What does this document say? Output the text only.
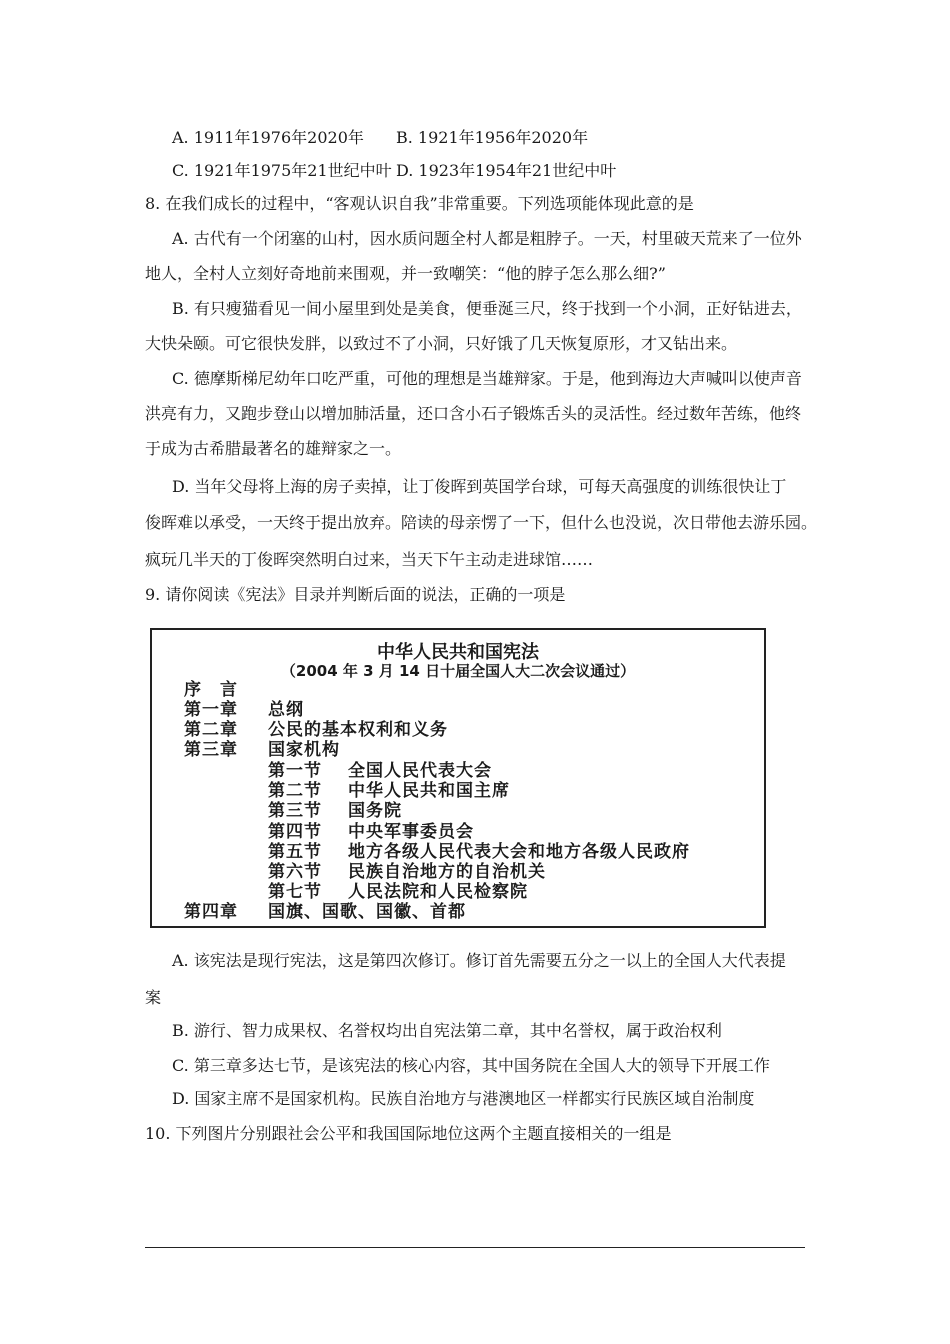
A. 1911年1976年2020年 B. 1921年1956年2020年
C. 1921年1975年21世纪中叶 D. 1923年1954年21世纪中叶
8. 在我们成长的过程中，“客观认识自我”非常重要。下列选项能体现此意的是
A. 古代有一个闭塞的山村，因水质问题全村人都是粗脖子。一天，村里破天荒来了一位外
地人，全村人立刻好奇地前来围观，并一致嘲笑：“他的脖子怎么那么细?”
B. 有只瘦猫看见一间小屋里到处是美食，便垂涎三尺，终于找到一个小洞，正好钻进去，
大快朵颐。可它很快发胖，以致过不了小洞，只好饿了几天恢复原形，才又钻出来。
C. 德摩斯梯尼幼年口吃严重，可他的理想是当雄辩家。于是，他到海边大声喊叫以使声音
洪亮有力，又跑步登山以增加肺活量，还口含小石子锻炼舌头的灵活性。经过数年苦练，他终
于成为古希腊最著名的雄辩家之一。
D. 当年父母将上海的房子卖掉，让丁俊晖到英国学台球，可每天高强度的训练很快让丁
俊晖难以承受，一天终于提出放弃。陪读的母亲愣了一下，但什么也没说，次日带他去游乐园。
疯玩几半天的丁俊晖突然明白过来，当天下午主动走进球馆……
9. 请你阅读《宪法》目录并判断后面的说法，正确的一项是
中华人民共和国宪法
（2004 年 3 月 14 日十届全国人大二次会议通过）
序　言
第一章 总纲
第二章 公民的基本权利和义务
第三章 国家机构
第一节 全国人民代表大会
第二节 中华人民共和国主席
第三节 国务院
第四节 中央军事委员会
第五节 地方各级人民代表大会和地方各级人民政府
第六节 民族自治地方的自治机关
第七节 人民法院和人民检察院
第四章 国旗、国歌、国徽、首都
A. 该宪法是现行宪法，这是第四次修订。修订首先需要五分之一以上的全国人大代表提
案
B. 游行、智力成果权、名誉权均出自宪法第二章，其中名誉权，属于政治权利
C. 第三章多达七节，是该宪法的核心内容，其中国务院在全国人大的领导下开展工作
D. 国家主席不是国家机构。民族自治地方与港澳地区一样都实行民族区域自治制度
10. 下列图片分别跟社会公平和我国国际地位这两个主题直接相关的一组是
